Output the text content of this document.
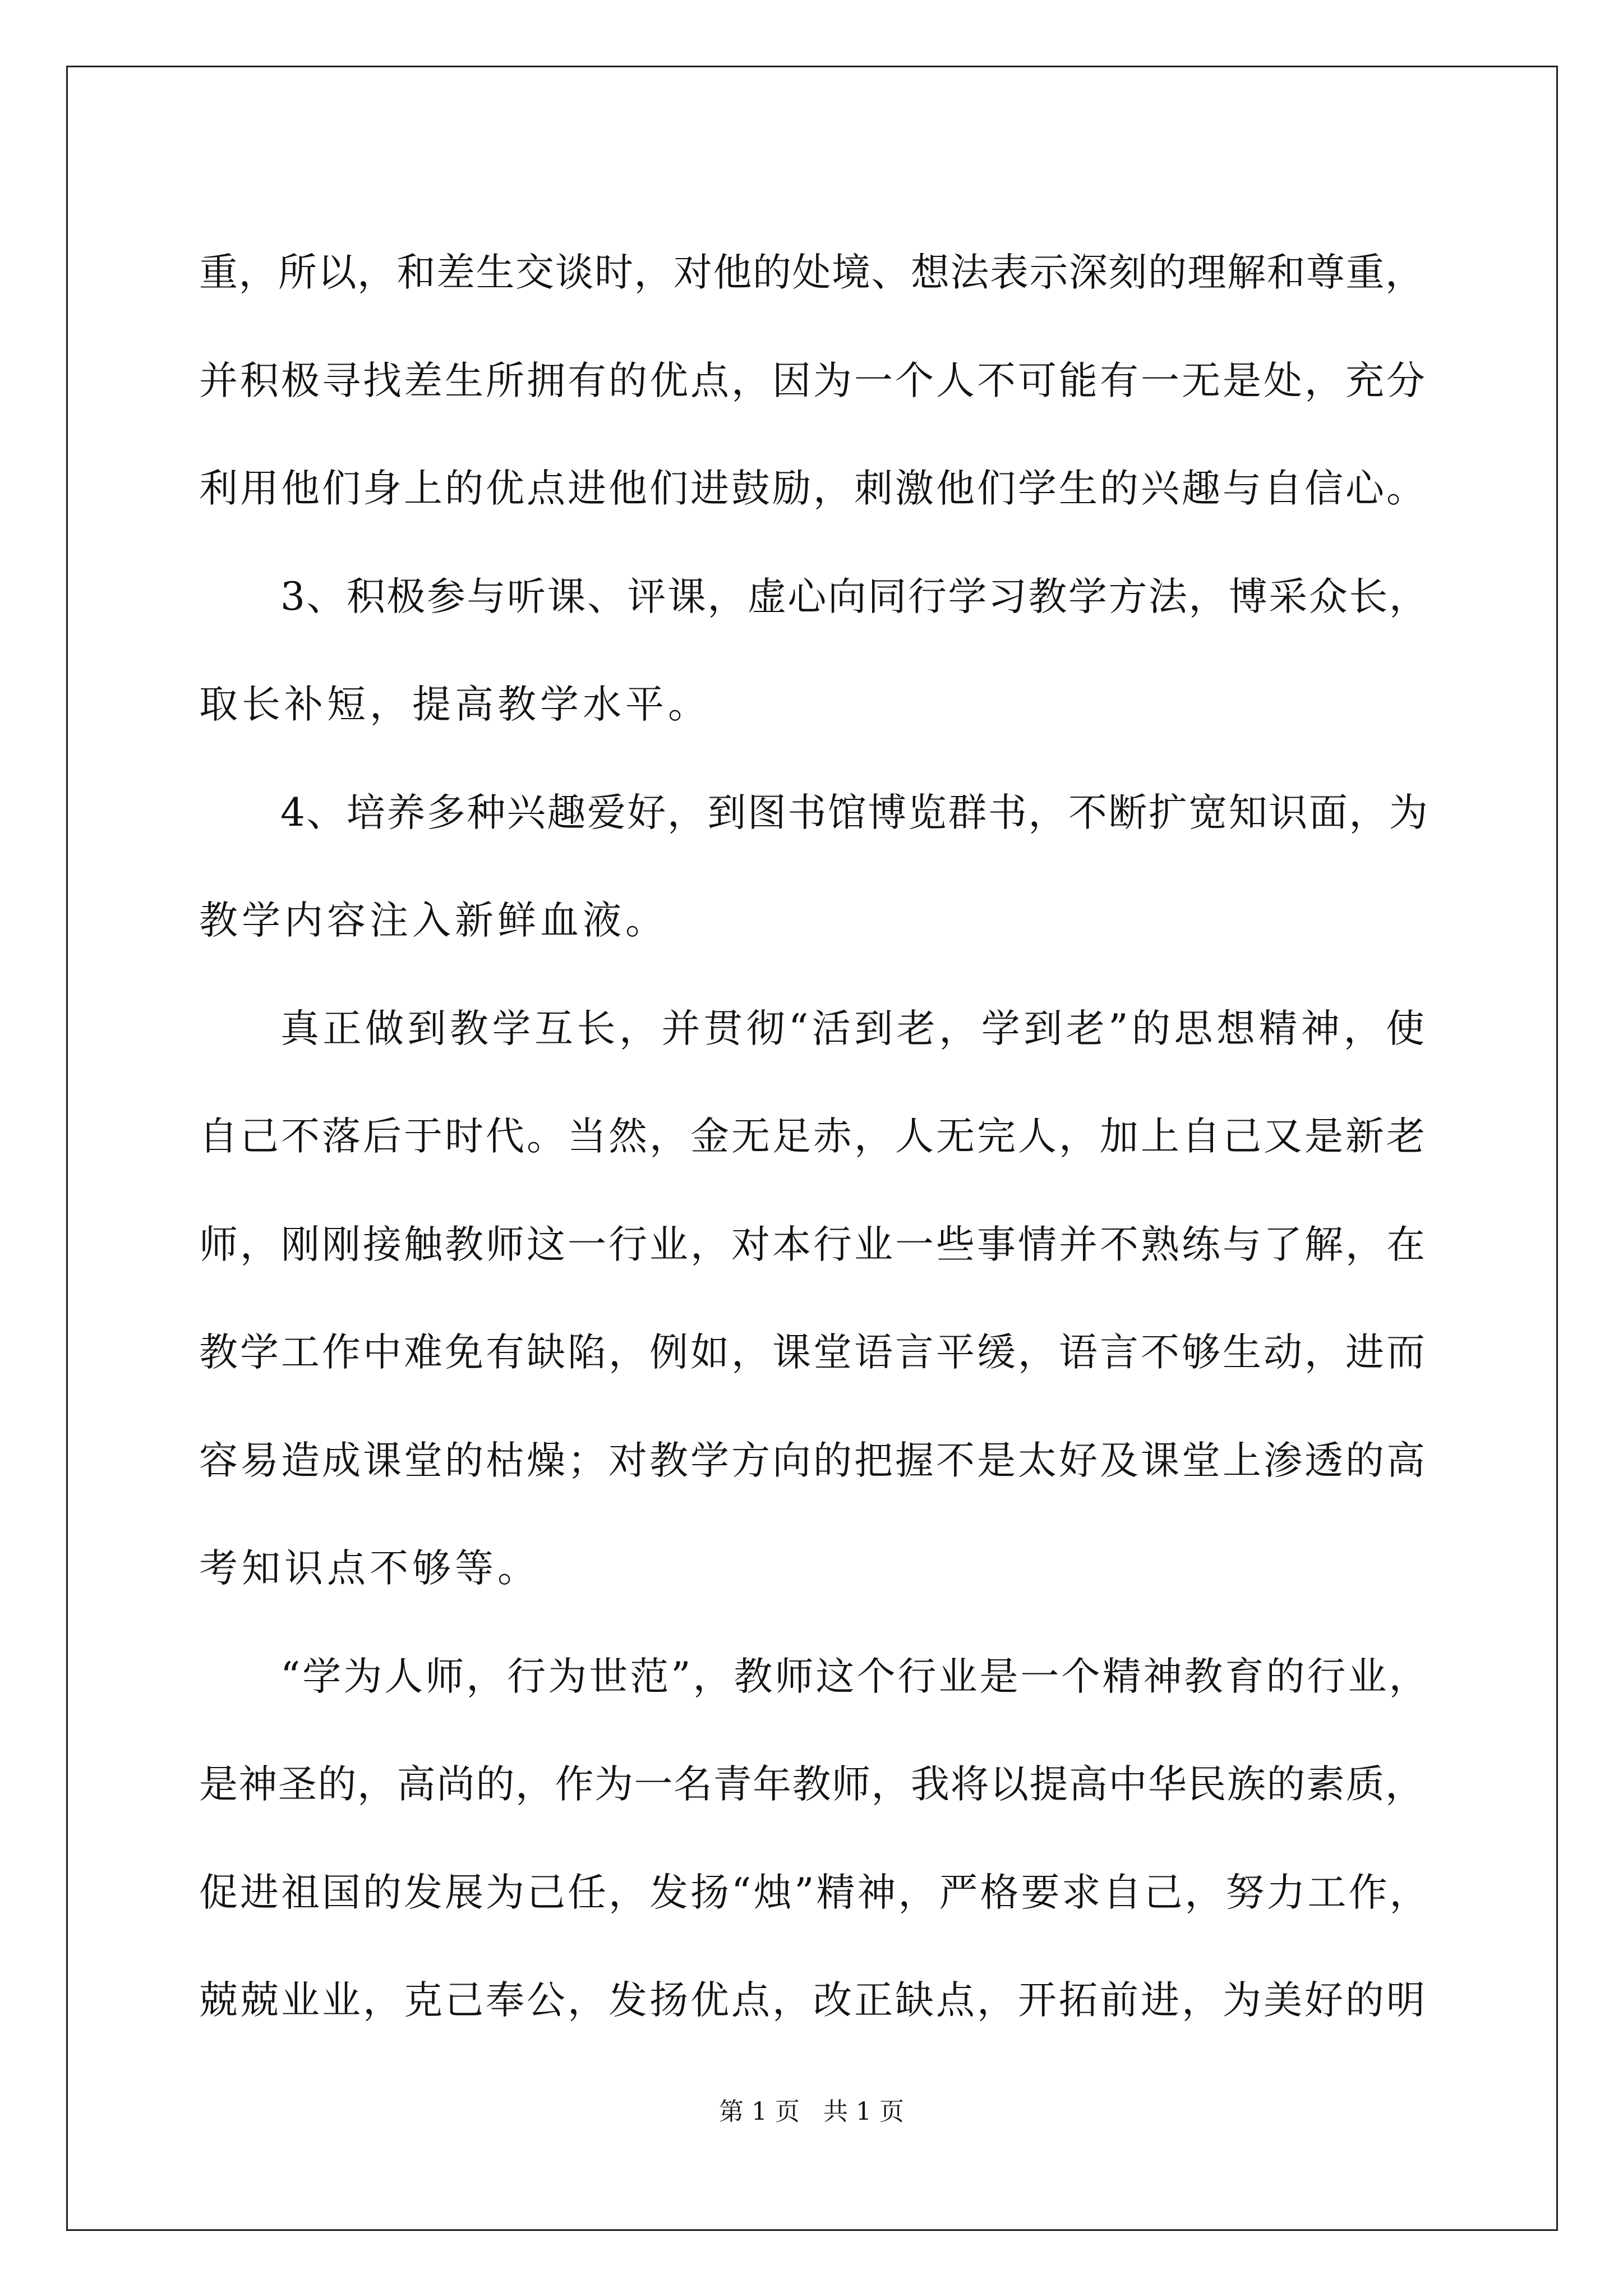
重，所以，和差生交谈时，对他的处境、想法表示深刻的理解和尊重，
并积极寻找差生所拥有的优点，因为一个人不可能有一无是处，充分
利用他们身上的优点进他们进鼓励，刺激他们学生的兴趣与自信心。
3、积极参与听课、评课，虚心向同行学习教学方法，博采众长，
取长补短，提高教学水平。
4、培养多种兴趣爱好，到图书馆博览群书，不断扩宽知识面，为
教学内容注入新鲜血液。
真正做到教学互长，并贯彻“活到老，学到老”的思想精神，使
自己不落后于时代。当然，金无足赤，人无完人，加上自己又是新老
师，刚刚接触教师这一行业，对本行业一些事情并不熟练与了解，在
教学工作中难免有缺陷，例如，课堂语言平缓，语言不够生动，进而
容易造成课堂的枯燥；对教学方向的把握不是太好及课堂上渗透的高
考知识点不够等。
“学为人师，行为世范”，教师这个行业是一个精神教育的行业，
是神圣的，高尚的，作为一名青年教师，我将以提高中华民族的素质，
促进祖国的发展为己任，发扬“烛”精神，严格要求自己，努力工作，
兢兢业业，克己奉公，发扬优点，改正缺点，开拓前进，为美好的明
第 1 页   共 1 页
